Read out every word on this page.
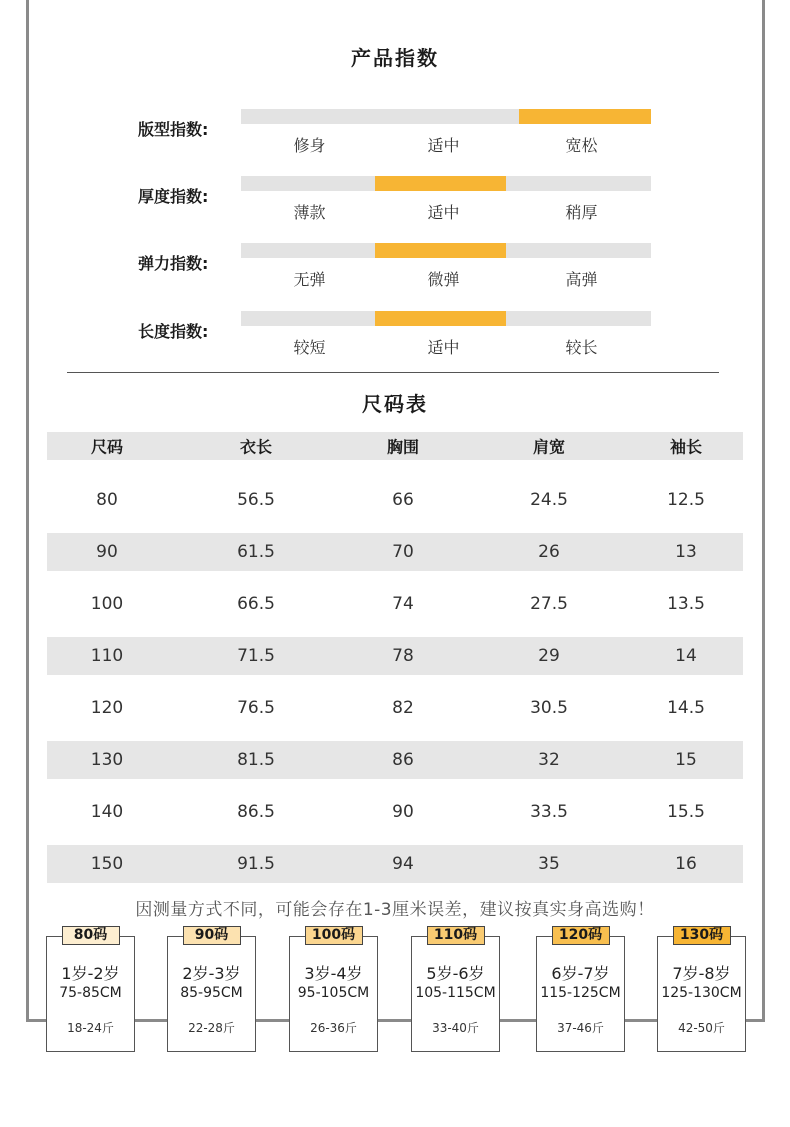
产品指数
版型指数:
修身	适中	宽松
厚度指数:
薄款	适中	稍厚
弹力指数:
无弹	微弹	高弹
长度指数:
较短	适中	较长
尺码表
尺码	衣长	胸围	肩宽	袖长
80	56.5	66	24.5	12.5
90	61.5	70	26	13
100	66.5	74	27.5	13.5
110	71.5	78	29	14
120	76.5	82	30.5	14.5
130	81.5	86	32	15
140	86.5	90	33.5	15.5
150	91.5	94	35	16
因测量方式不同，可能会存在1-3厘米误差，建议按真实身高选购！
80码
1岁-2岁
75-85CM
18-24斤
90码
2岁-3岁
85-95CM
22-28斤
100码
3岁-4岁
95-105CM
26-36斤
110码
5岁-6岁
105-115CM
33-40斤
120码
6岁-7岁
115-125CM
37-46斤
130码
7岁-8岁
125-130CM
42-50斤
